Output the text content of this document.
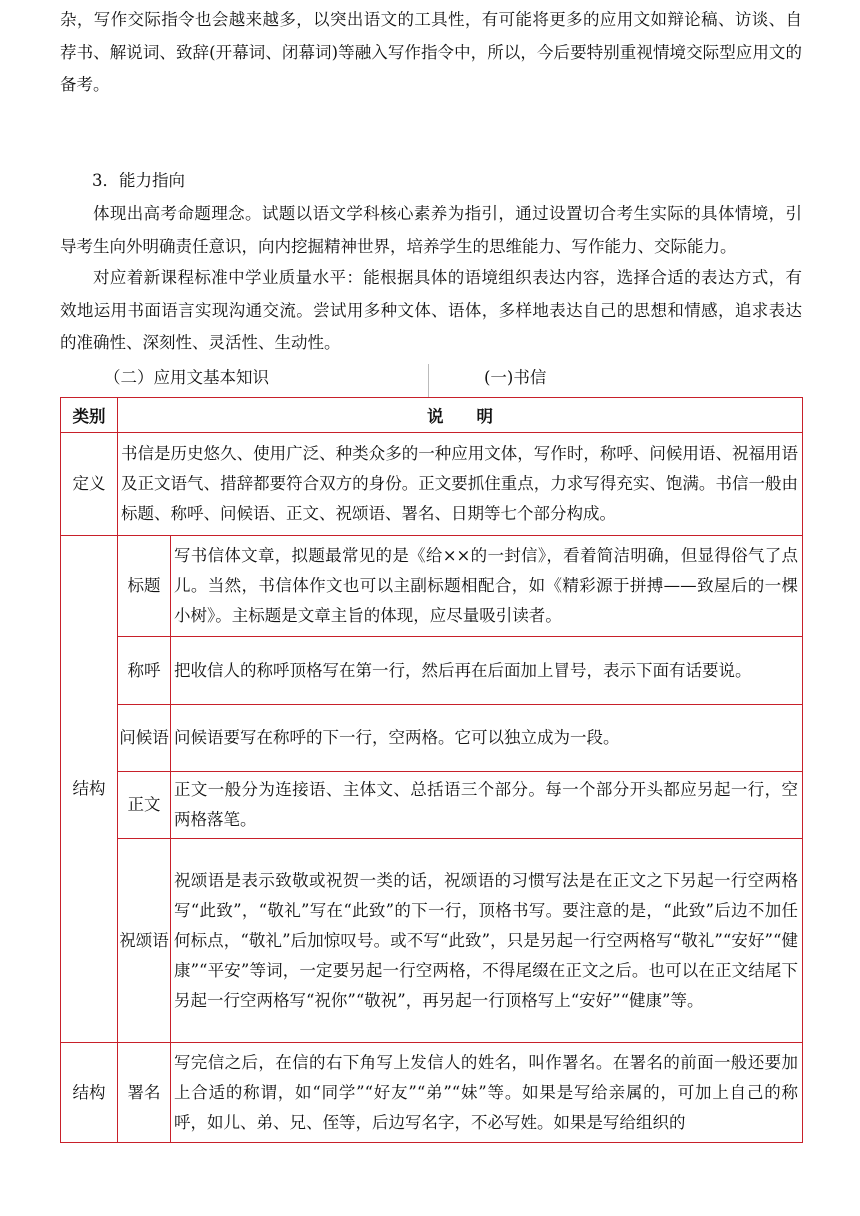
杂，写作交际指令也会越来越多，以突出语文的工具性，有可能将更多的应用文如辩论稿、访谈、自荐书、解说词、致辞(开幕词、闭幕词)等融入写作指令中，所以，今后要特别重视情境交际型应用文的备考。

3．能力指向

体现出高考命题理念。试题以语文学科核心素养为指引，通过设置切合考生实际的具体情境，引导考生向外明确责任意识，向内挖掘精神世界，培养学生的思维能力、写作能力、交际能力。

对应着新课程标准中学业质量水平：能根据具体的语境组织表达内容，选择合适的表达方式，有效地运用书面语言实现沟通交流。尝试用多种文体、语体，多样地表达自己的思想和情感，追求表达的准确性、深刻性、灵活性、生动性。

（二）应用文基本知识	(一)书信
类别	说　　明	
定义	书信是历史悠久、使用广泛、种类众多的一种应用文体，写作时，称呼、问候用语、祝福用语及正文语气、措辞都要符合双方的身份。正文要抓住重点，力求写得充实、饱满。书信一般由标题、称呼、问候语、正文、祝颂语、署名、日期等七个部分构成。	

结构	标题	写书信体文章，拟题最常见的是《给××的一封信》，看着简洁明确，但显得俗气了点儿。当然，书信体作文也可以主副标题相配合，如《精彩源于拼搏——致屋后的一棵小树》。主标题是文章主旨的体现，应尽量吸引读者。

	称呼	把收信人的称呼顶格写在第一行，然后再在后面加上冒号，表示下面有话要说。

	问候语	问候语要写在称呼的下一行，空两格。它可以独立成为一段。

	正文	正文一般分为连接语、主体文、总括语三个部分。每一个部分开头都应另起一行，空两格落笔。

	祝颂语	祝颂语是表示致敬或祝贺一类的话，祝颂语的习惯写法是在正文之下另起一行空两格写“此致”，“敬礼”写在“此致”的下一行，顶格书写。要注意的是，“此致”后边不加任何标点，“敬礼”后加惊叹号。或不写“此致”，只是另起一行空两格写“敬礼”“安好”“健康”“平安”等词，一定要另起一行空两格，不得尾缀在正文之后。也可以在正文结尾下另起一行空两格写“祝你”“敬祝”，再另起一行顶格写上“安好”“健康”等。

结构	署名	写完信之后，在信的右下角写上发信人的姓名，叫作署名。在署名的前面一般还要加上合适的称谓，如“同学”“好友”“弟”“妹”等。如果是写给亲属的，可加上自己的称呼，如儿、弟、兄、侄等，后边写名字，不必写姓。如果是写给组织的
